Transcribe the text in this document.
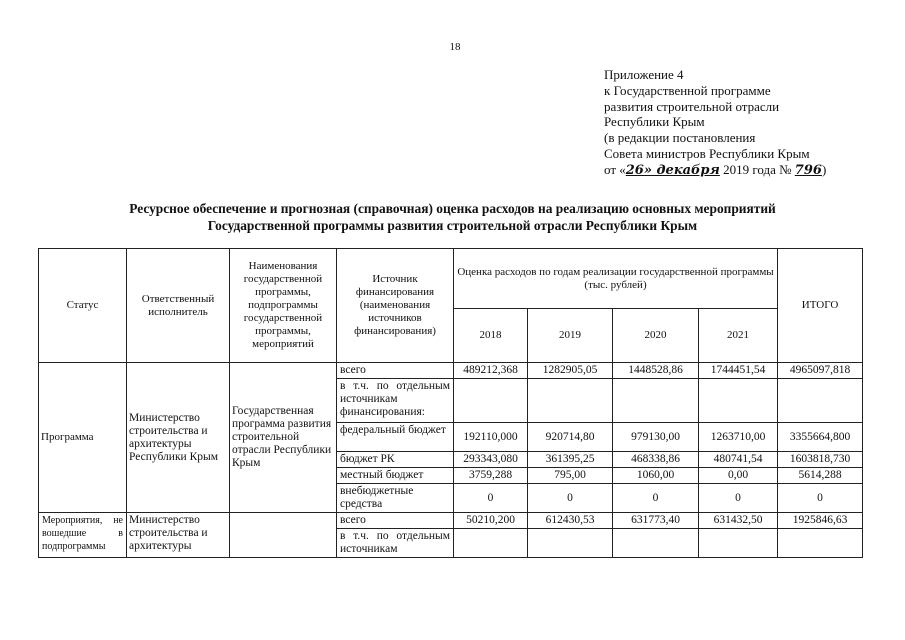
18
Приложение 4
к Государственной программе
развития строительной отрасли
Республики Крым
(в редакции постановления
Совета министров Республики Крым
от «26» декабря 2019 года № 796)
Ресурсное обеспечение и прогнозная (справочная) оценка расходов на реализацию основных мероприятий
Государственной программы развития строительной отрасли Республики Крым
Статус	Ответственный исполнитель	Наименования государственной программы, подпрограммы государственной программы, мероприятий	Источник финансирования (наименования источников финансирования)	Оценка расходов по годам реализации государственной программы (тыс. рублей)				ИТОГО
				2018	2019	2020	2021	
Программа	Министерство строительства и архитектуры Республики Крым	Государственная программа развития строительной отрасли Республики Крым	всего	489212,368	1282905,05	1448528,86	1744451,54	4965097,818
			в т.ч. по отдельным источникам финансирования:					
			федеральный бюджет	192110,000	920714,80	979130,00	1263710,00	3355664,800
			бюджет РК	293343,080	361395,25	468338,86	480741,54	1603818,730
			местный бюджет	3759,288	795,00	1060,00	0,00	5614,288
			внебюджетные средства	0	0	0	0	0
Мероприятия, не вошедшие в подпрограммы	Министерство строительства и архитектуры		всего	50210,200	612430,53	631773,40	631432,50	1925846,63
			в т.ч. по отдельным источникам					
